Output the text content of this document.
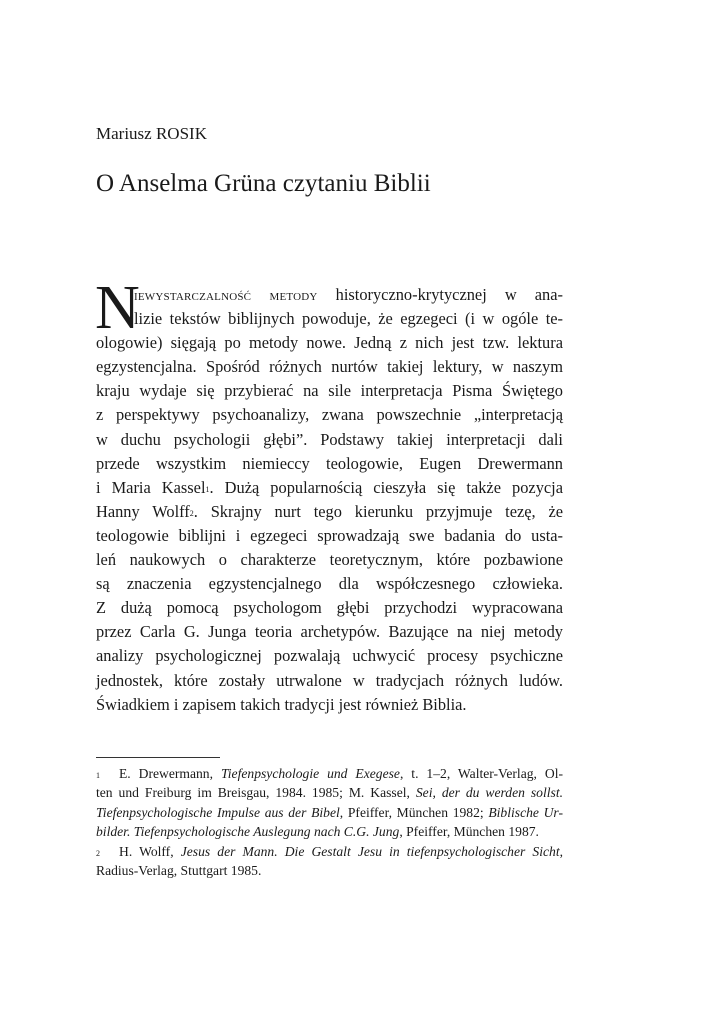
Mariusz ROSIK
O Anselma Grüna czytaniu Biblii
N
iewystarczalność metody historyczno-krytycznej w ana-
lizie tekstów biblijnych powoduje, że egzegeci (i w ogóle te-
ologowie) sięgają po metody nowe. Jedną z nich jest tzw. lektura
egzystencjalna. Spośród różnych nurtów takiej lektury, w naszym
kraju wydaje się przybierać na sile interpretacja Pisma Świętego
z perspektywy psychoanalizy, zwana powszechnie „interpretacją
w duchu psychologii głębi”. Podstawy takiej interpretacji dali
przede wszystkim niemieccy teologowie, Eugen Drewermann
i Maria Kassel$^1$. Dużą popularnością cieszyła się także pozycja
Hanny Wolff$^2$. Skrajny nurt tego kierunku przyjmuje tezę, że
teologowie biblijni i egzegeci sprowadzają swe badania do usta-
leń naukowych o charakterze teoretycznym, które pozbawione
są znaczenia egzystencjalnego dla współczesnego człowieka.
Z dużą pomocą psychologom głębi przychodzi wypracowana
przez Carla G. Junga teoria archetypów. Bazujące na niej metody
analizy psychologicznej pozwalają uchwycić procesy psychiczne
jednostek, które zostały utrwalone w tradycjach różnych ludów.
Świadkiem i zapisem takich tradycji jest również Biblia.
1 E. Drewermann, Tiefenpsychologie und Exegese, t. 1–2, Walter-Verlag, Ol-
ten und Freiburg im Breisgau, 1984. 1985; M. Kassel, Sei, der du werden sollst.
Tiefenpsychologische Impulse aus der Bibel, Pfeiffer, München 1982; Biblische Ur-
bilder. Tiefenpsychologische Auslegung nach C.G. Jung, Pfeiffer, München 1987.
2 H. Wolff, Jesus der Mann. Die Gestalt Jesu in tiefenpsychologischer Sicht,
Radius-Verlag, Stuttgart 1985.
